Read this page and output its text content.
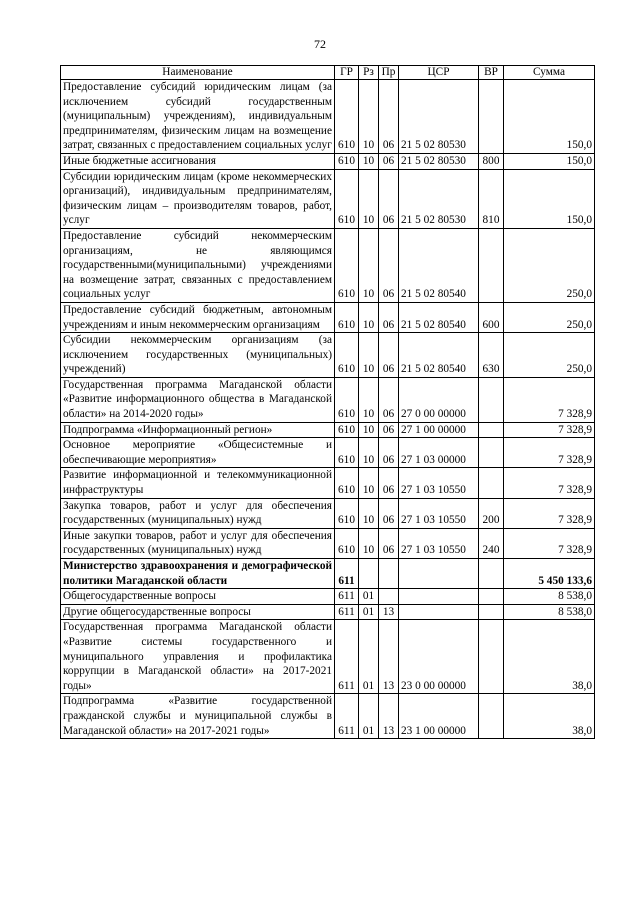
72
Наименование	ГР	Рз	Пр	ЦСР	ВР	Сумма
Предоставление субсидий юридическим лицам (за исключением субсидий государственным (муниципальным) учреждениям), индивидуальным предпринимателям, физическим лицам на возмещение затрат, связанных с предоставлением социальных услуг	610	10	06	21 5 02 80530		150,0
Иные бюджетные ассигнования	610	10	06	21 5 02 80530	800	150,0
Субсидии юридическим лицам (кроме некоммерческих организаций), индивидуальным предпринимателям, физическим лицам – производителям товаров, работ, услуг	610	10	06	21 5 02 80530	810	150,0
Предоставление субсидий некоммерческим организациям, не являющимся государственными(муниципальными) учреждениями на возмещение затрат, связанных с предоставлением социальных услуг	610	10	06	21 5 02 80540		250,0
Предоставление субсидий бюджетным, автономным учреждениям и иным некоммерческим организациям	610	10	06	21 5 02 80540	600	250,0
Субсидии некоммерческим организациям (за исключением государственных (муниципальных) учреждений)	610	10	06	21 5 02 80540	630	250,0
Государственная программа Магаданской области «Развитие информационного общества в Магаданской области» на 2014-2020 годы»	610	10	06	27 0 00 00000		7 328,9
Подпрограмма «Информационный регион»	610	10	06	27 1 00 00000		7 328,9
Основное мероприятие «Общесистемные и обеспечивающие мероприятия»	610	10	06	27 1 03 00000		7 328,9
Развитие информационной и телекоммуникационной инфраструктуры	610	10	06	27 1 03 10550		7 328,9
Закупка товаров, работ и услуг для обеспечения государственных (муниципальных) нужд	610	10	06	27 1 03 10550	200	7 328,9
Иные закупки товаров, работ и услуг для обеспечения государственных (муниципальных) нужд	610	10	06	27 1 03 10550	240	7 328,9
Министерство здравоохранения и демографической политики Магаданской области	611					5 450 133,6
Общегосударственные вопросы	611	01				8 538,0
Другие общегосударственные вопросы	611	01	13			8 538,0
Государственная программа Магаданской области «Развитие системы государственного и муниципального управления и профилактика коррупции в Магаданской области» на 2017-2021 годы»	611	01	13	23 0 00 00000		38,0
Подпрограмма «Развитие государственной гражданской службы и муниципальной службы в Магаданской области» на 2017-2021 годы»	611	01	13	23 1 00 00000		38,0
